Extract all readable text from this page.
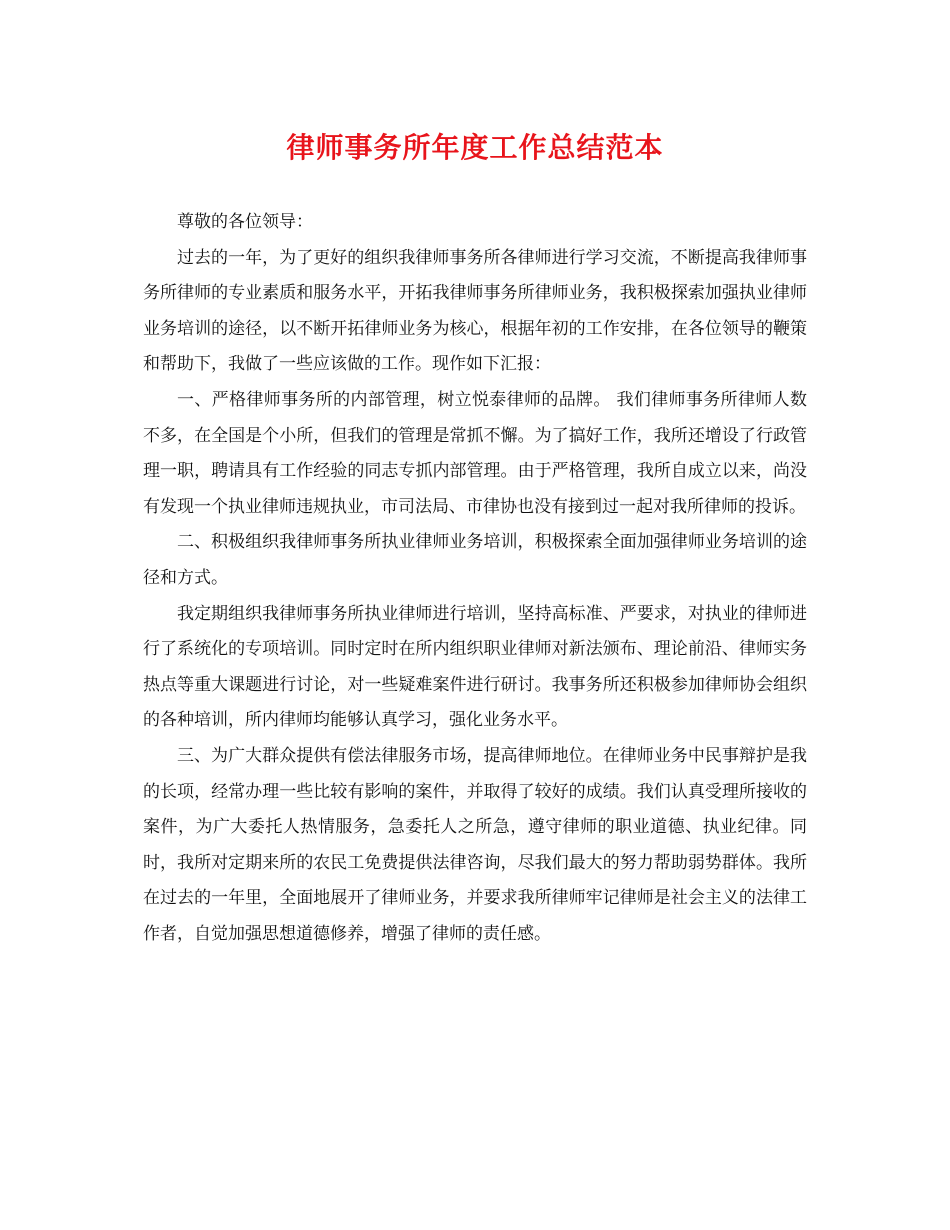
律师事务所年度工作总结范本

尊敬的各位领导：

过去的一年，为了更好的组织我律师事务所各律师进行学习交流，不断提高我律师事务所律师的专业素质和服务水平，开拓我律师事务所律师业务，我积极探索加强执业律师业务培训的途径，以不断开拓律师业务为核心，根据年初的工作安排，在各位领导的鞭策和帮助下，我做了一些应该做的工作。现作如下汇报：

一、严格律师事务所的内部管理，树立悦泰律师的品牌。 我们律师事务所律师人数不多，在全国是个小所，但我们的管理是常抓不懈。为了搞好工作，我所还增设了行政管理一职，聘请具有工作经验的同志专抓内部管理。由于严格管理，我所自成立以来，尚没有发现一个执业律师违规执业，市司法局、市律协也没有接到过一起对我所律师的投诉。

二、积极组织我律师事务所执业律师业务培训，积极探索全面加强律师业务培训的途径和方式。

我定期组织我律师事务所执业律师进行培训，坚持高标准、严要求，对执业的律师进行了系统化的专项培训。同时定时在所内组织职业律师对新法颁布、理论前沿、律师实务热点等重大课题进行讨论，对一些疑难案件进行研讨。我事务所还积极参加律师协会组织的各种培训，所内律师均能够认真学习，强化业务水平。

三、为广大群众提供有偿法律服务市场，提高律师地位。在律师业务中民事辩护是我的长项，经常办理一些比较有影响的案件，并取得了较好的成绩。我们认真受理所接收的案件，为广大委托人热情服务，急委托人之所急，遵守律师的职业道德、执业纪律。同时，我所对定期来所的农民工免费提供法律咨询，尽我们最大的努力帮助弱势群体。我所在过去的一年里，全面地展开了律师业务，并要求我所律师牢记律师是社会主义的法律工作者，自觉加强思想道德修养，增强了律师的责任感。
